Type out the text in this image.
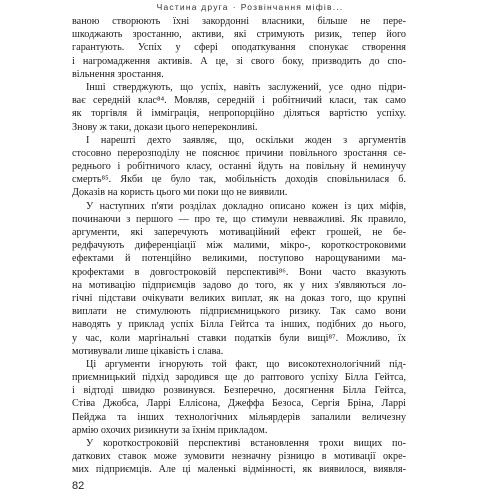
Частина друга · Розвінчання міфів...
ваною створюють їхні закордонні власники, більше не пере-
шкоджають зростанню, активи, які стримують ризик, тепер його
гарантують. Успіх у сфері оподаткування спонукає створення
і нагромадження активів. А це, зі свого боку, призводить до спо-
вільнення зростання.
Інші стверджують, що успіх, навіть заслужений, усе одно підри-
ває середній клас⁸⁴. Мовляв, середній і робітничий класи, так само
як торгівля й імміграція, непропорційно діляться вартістю успіху.
Знову ж таки, докази цього непереконливі.
І нарешті дехто заявляє, що, оскільки жоден з аргументів
стосовно перерозподілу не пояснює причини повільного зростання се-
реднього і робітничого класу, останні йдуть на повільну й неминучу
смерть⁸⁵. Якби це було так, мобільність доходів сповільнилася б.
Доказів на користь цього ми поки що не виявили.
У наступних п'яти розділах докладно описано кожен із цих міфів,
починаючи з першого — про те, що стимули невважливі. Як правило,
аргументи, які заперечують мотиваційний ефект грошей, не бе-
редфачують диференціації між малими, мікро-, короткостроковими
ефектами й потенційно великими, поступово нарощуваними ма-
крофектами в довгостроковій перспективі⁸⁶. Вони часто вказують
на мотивацію підприємців задово до того, як у них з'являються ло-
гічні підстави очікувати великих виплат, як на доказ того, що крупні
виплати не стимулюють підприємницького ризику. Так само вони
наводять у приклад успіх Білла Гейтса та інших, подібних до нього,
у час, коли маргінальні ставки податків були вищі⁸⁷. Можливо, їх
мотивували лише цікавість і слава.
Ці аргументи ігнорують той факт, що високотехнологічний під-
приємницький підхід зародився ще до раптового успіху Білла Гейтса,
і відтоді швидко розвинувся. Безперечно, досягнення Білла Гейтса,
Стіва Джобса, Ларрі Еллісона, Джеффа Безоса, Сергія Бріна, Ларрі
Пейджа та інших технологічних мільярдерів запалили величезну
армію охочих ризикнути за їхнім прикладом.
У короткостроковій перспективі встановлення трохи вищих по-
даткових ставок може зумовити незначну різницю в мотивації окре-
мих підприємців. Але ці маленькі відмінності, як виявилося, виявля-
82
